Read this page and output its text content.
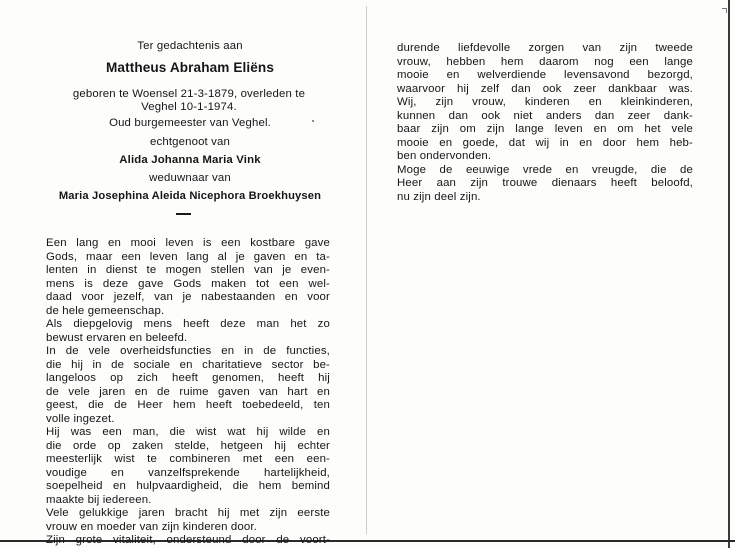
Ter gedachtenis aan
Mattheus Abraham Eliëns
geboren te Woensel 21-3-1879, overleden te
Veghel 10-1-1974.
Oud burgemeester van Veghel.
echtgenoot van
Alida Johanna Maria Vink
weduwnaar van
Maria Josephina Aleida Nicephora Broekhuysen
Een lang en mooi leven is een kostbare gave
Gods, maar een leven lang al je gaven en ta-
lenten in dienst te mogen stellen van je even-
mens is deze gave Gods maken tot een wel-
daad voor jezelf, van je nabestaanden en voor
de hele gemeenschap.
Als diepgelovig mens heeft deze man het zo
bewust ervaren en beleefd.
In de vele overheidsfuncties en in de functies,
die hij in de sociale en charitatieve sector be-
langeloos op zich heeft genomen, heeft hij
de vele jaren en de ruime gaven van hart en
geest, die de Heer hem heeft toebedeeld, ten
volle ingezet.
Hij was een man, die wist wat hij wilde en
die orde op zaken stelde, hetgeen hij echter
meesterlijk wist te combineren met een een-
voudige en vanzelfsprekende hartelijkheid,
soepelheid en hulpvaardigheid, die hem bemind
maakte bij iedereen.
Vele gelukkige jaren bracht hij met zijn eerste
vrouw en moeder van zijn kinderen door.
Zijn grote vitaliteit, ondersteund door de voort-
durende liefdevolle zorgen van zijn tweede
vrouw, hebben hem daarom nog een lange
mooie en welverdiende levensavond bezorgd,
waarvoor hij zelf dan ook zeer dankbaar was.
Wij, zijn vrouw, kinderen en kleinkinderen,
kunnen dan ook niet anders dan zeer dank-
baar zijn om zijn lange leven en om het vele
mooie en goede, dat wij in en door hem heb-
ben ondervonden.
Moge de eeuwige vrede en vreugde, die de
Heer aan zijn trouwe dienaars heeft beloofd,
nu zijn deel zijn.
